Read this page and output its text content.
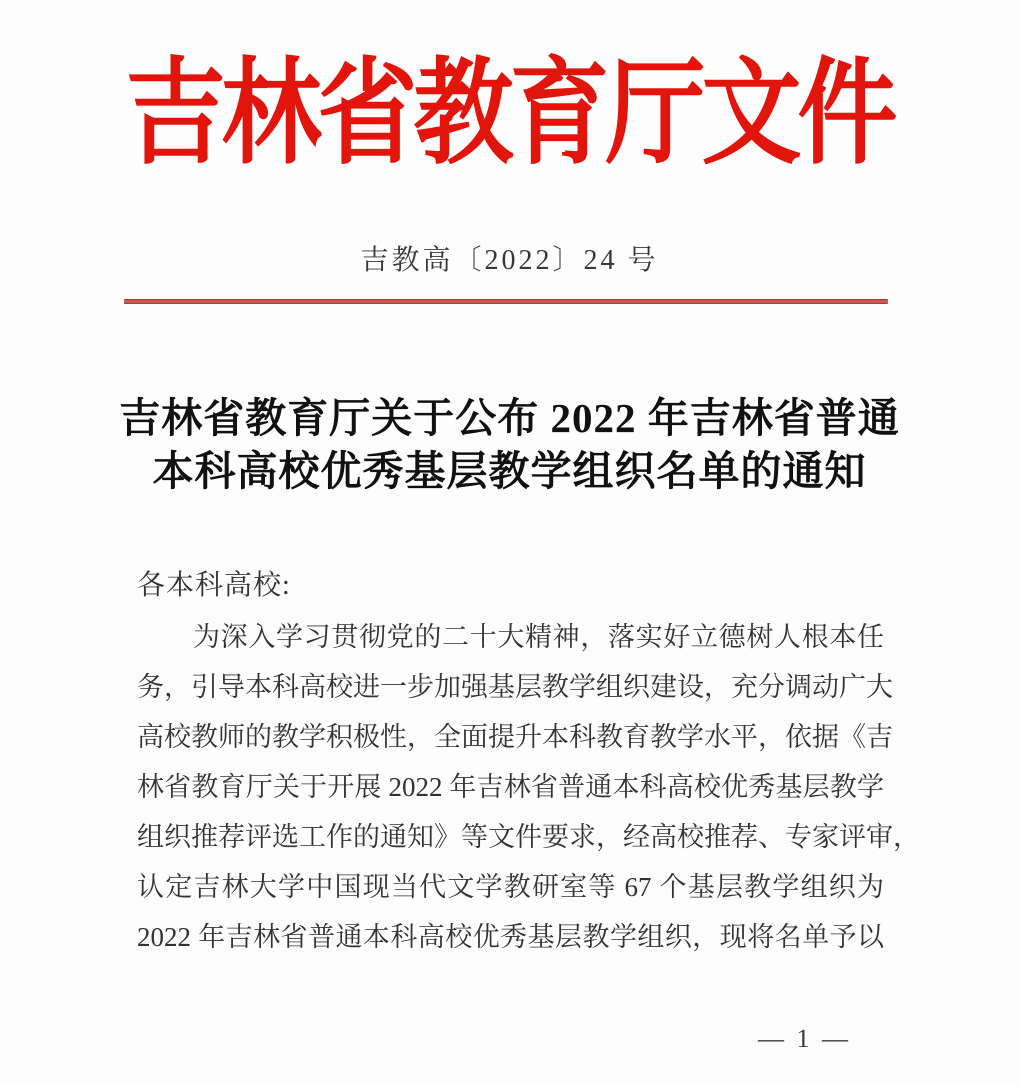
吉林省教育厅文件
吉教高〔2022〕24 号
吉林省教育厅关于公布 2022 年吉林省普通
本科高校优秀基层教学组织名单的通知
各本科高校:
为深入学习贯彻党的二十大精神，落实好立德树人根本任
务，引导本科高校进一步加强基层教学组织建设，充分调动广大
高校教师的教学积极性，全面提升本科教育教学水平，依据《吉
林省教育厅关于开展 2022 年吉林省普通本科高校优秀基层教学
组织推荐评选工作的通知》等文件要求，经高校推荐、专家评审，
认定吉林大学中国现当代文学教研室等 67 个基层教学组织为
2022 年吉林省普通本科高校优秀基层教学组织，现将名单予以
— 1 —
